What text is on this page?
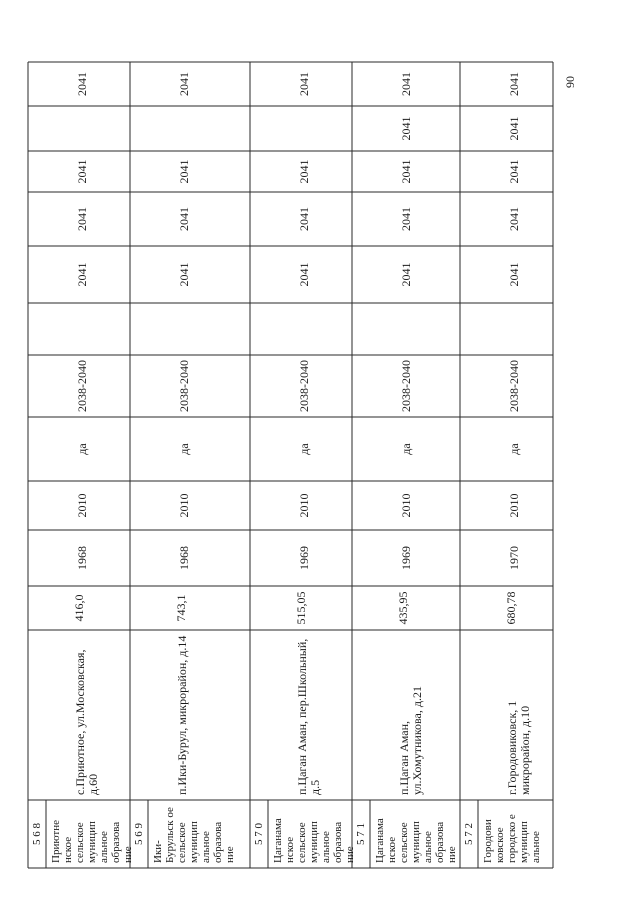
2041
2041
2041
2041
2038-2040
да
2010
1968
416,0
с.Приютное, ул.Московская, д.60
Приютне нское сельское муницип альное образова ние
5 6 8
2041
2041
2041
2041
2038-2040
да
2010
1968
743,1
п.Ики-Бурул, микрорайон, д.14
Ики-Бурульск ое сельское муницип альное образова ние
5 6 9
2041
2041
2041
2041
2038-2040
да
2010
1969
515,05
п.Цаган Аман, пер.Школьный, д.5
Цаганама нское сельское муницип альное образова ние
5 7 0
2041
2041
2041
2041
2041
2038-2040
да
2010
1969
435,95
п.Цаган Аман, ул.Хомутникова, д.21
Цаганама нское сельское муницип альное образова ние
5 7 1
2041
2041
2041
2041
2041
2038-2040
да
2010
1970
680,78
г.Городовиковск, 1 микрорайон, д.10
Городови ковское городско е муницип альное
5 7 2
90
